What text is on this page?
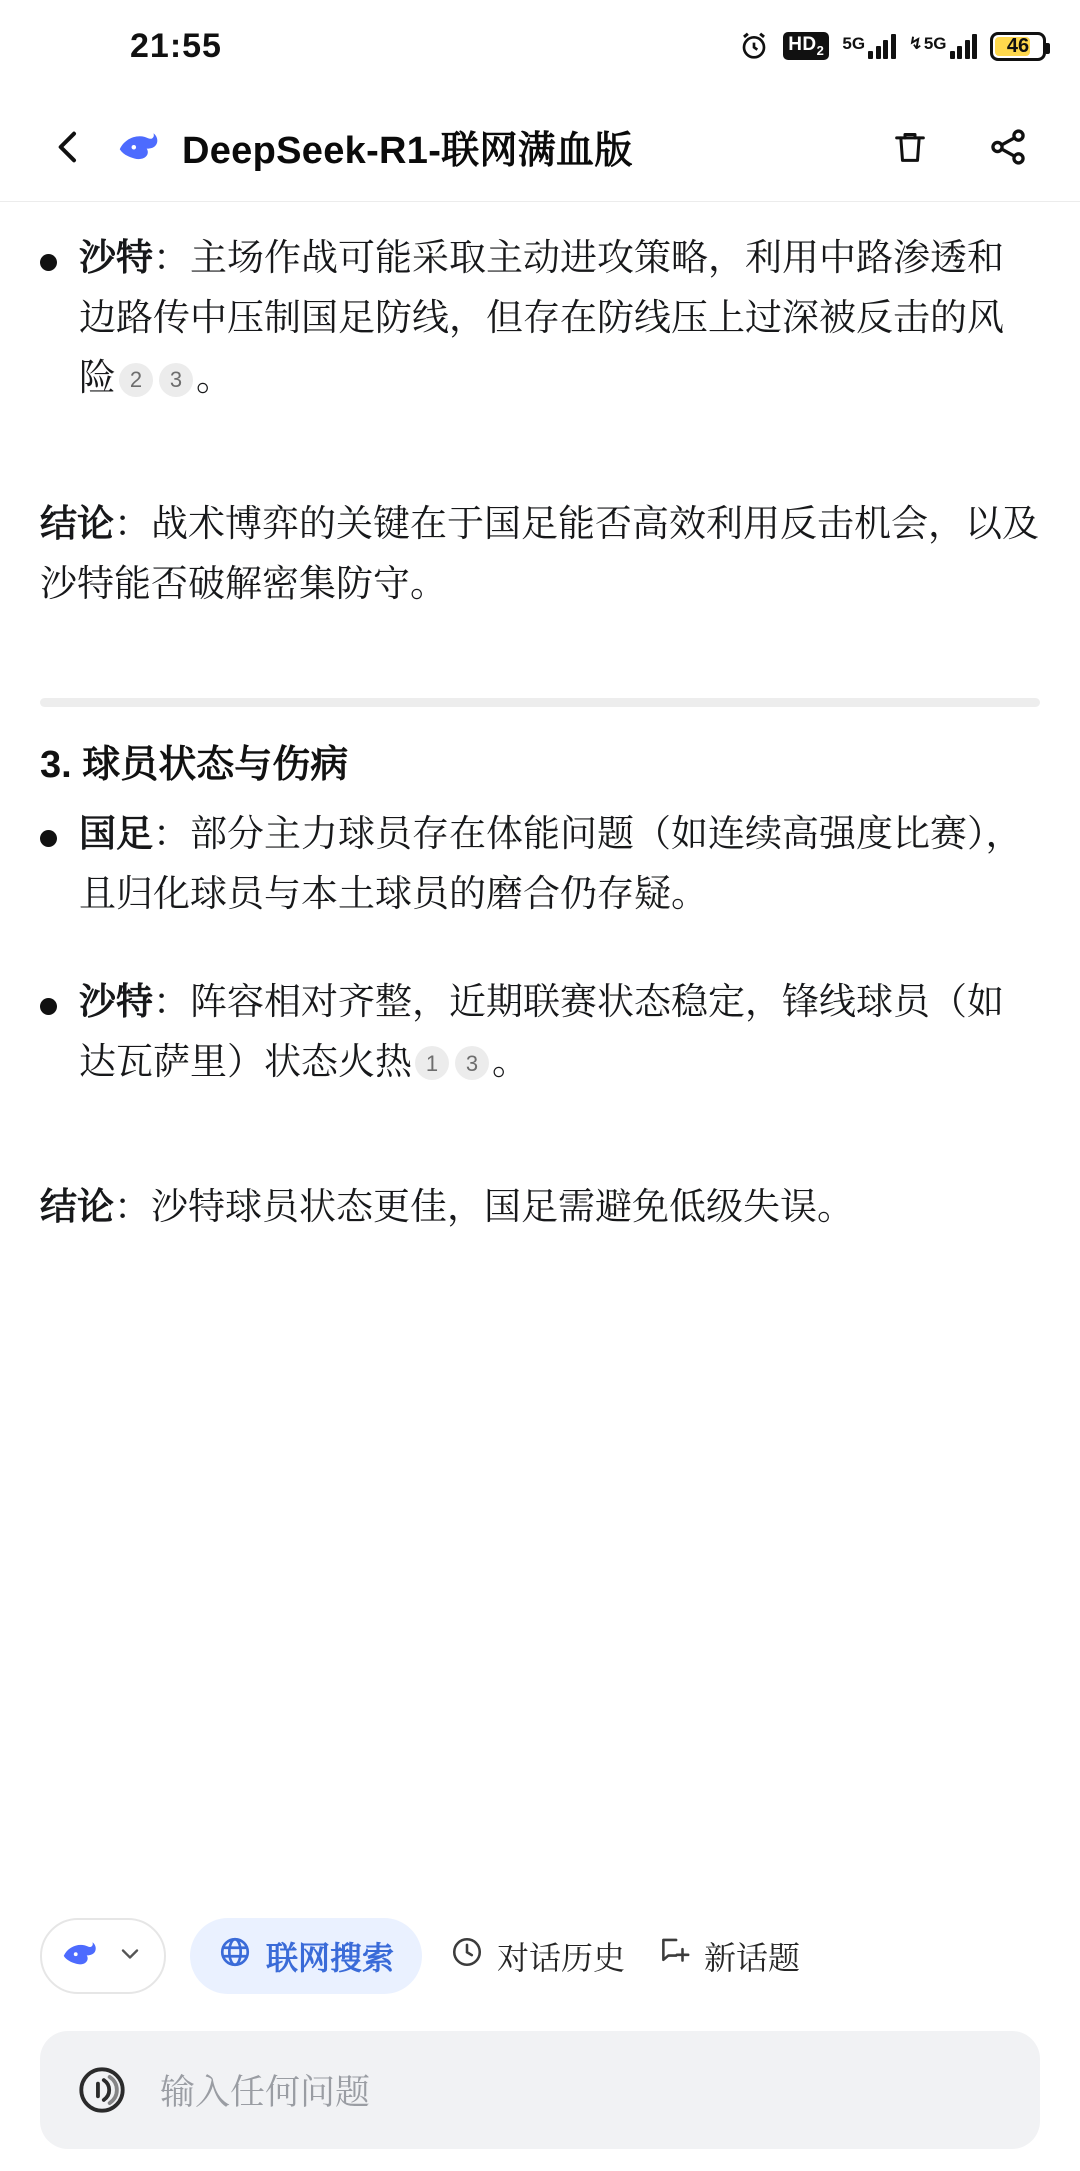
21:55	$HD_2$ 5G	↯ 5G	46
DeepSeek-R1-联网满血版
沙特：主场作战可能采取主动进攻策略，利用中路渗透和边路传中压制国足防线，但存在防线压上过深被反击的风险 2 3 。
结论：战术博弈的关键在于国足能否高效利用反击机会，以及沙特能否破解密集防守。
3. 球员状态与伤病
国足：部分主力球员存在体能问题（如连续高强度比赛），且归化球员与本土球员的磨合仍存疑。
沙特：阵容相对齐整，近期联赛状态稳定，锋线球员（如达瓦萨里）状态火热 1 3 。
结论：沙特球员状态更佳，国足需避免低级失误。
联网搜索	对话历史 新话题
输入任何问题
